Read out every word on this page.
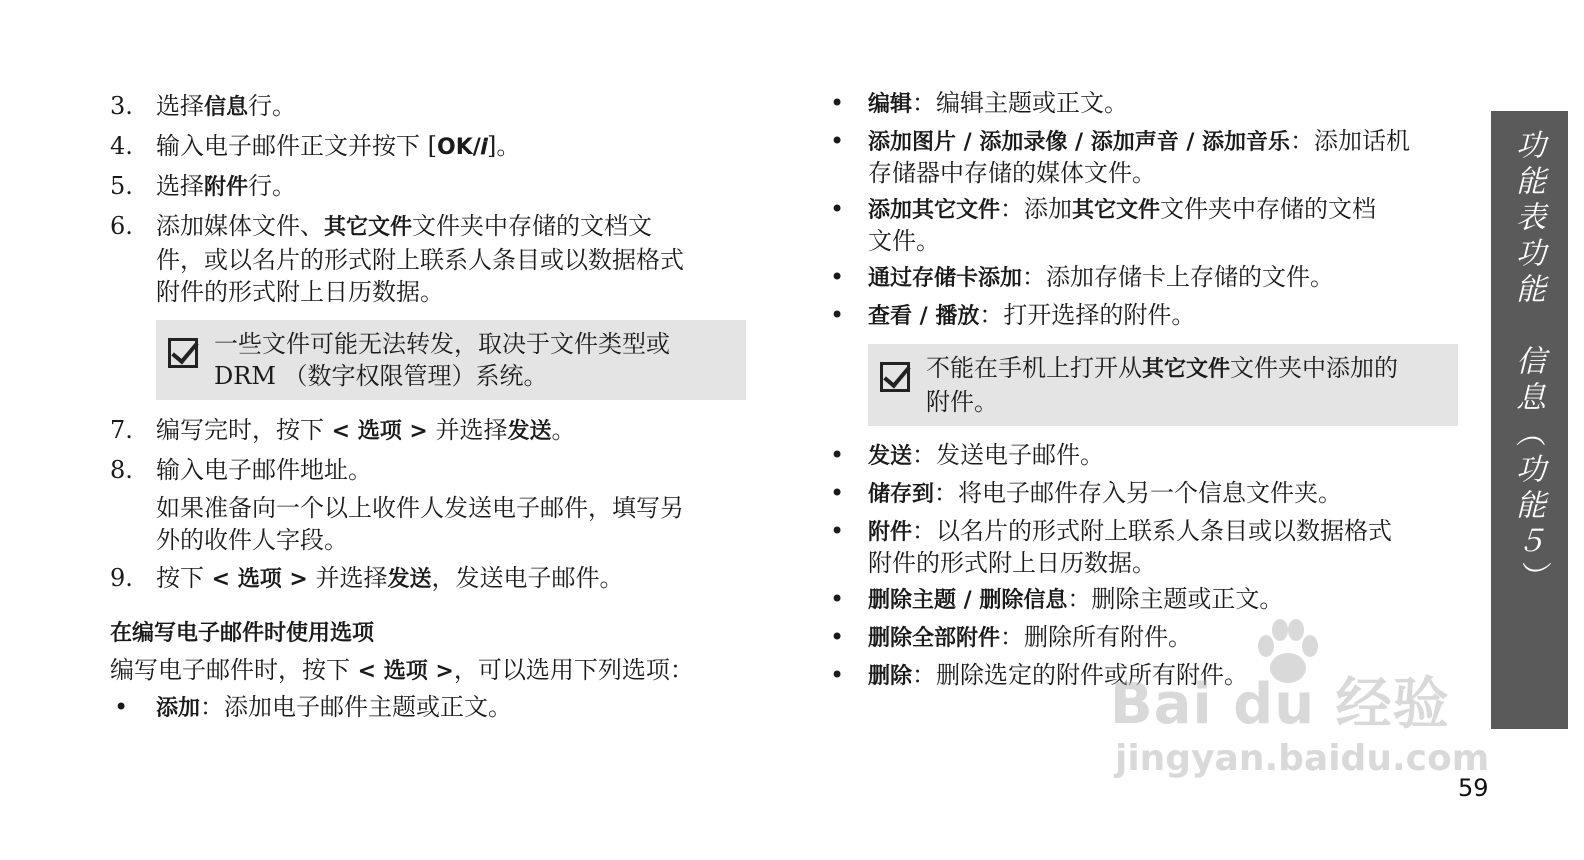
3. 选择信息行。
4. 输入电子邮件正文并按下 [OK/𝒊]。
5. 选择附件行。
6. 添加媒体文件、其它文件文件夹中存储的文档文
件，或以名片的形式附上联系人条目或以数据格式
附件的形式附上日历数据。
一些文件可能无法转发，取决于文件类型或
DRM （数字权限管理）系统。
7. 编写完时，按下 < 选项 > 并选择发送。
8. 输入电子邮件地址。
如果准备向一个以上收件人发送电子邮件，填写另
外的收件人字段。
9. 按下 < 选项 > 并选择发送，发送电子邮件。
在编写电子邮件时使用选项
编写电子邮件时，按下 < 选项 >，可以选用下列选项：
• 添加：添加电子邮件主题或正文。
• 编辑：编辑主题或正文。
• 添加图片 / 添加录像 / 添加声音 / 添加音乐：添加话机
存储器中存储的媒体文件。
• 添加其它文件：添加其它文件文件夹中存储的文档
文件。
• 通过存储卡添加：添加存储卡上存储的文件。
• 查看 / 播放：打开选择的附件。
不能在手机上打开从其它文件文件夹中添加的
附件。
• 发送：发送电子邮件。
• 储存到：将电子邮件存入另一个信息文件夹。
• 附件：以名片的形式附上联系人条目或以数据格式
附件的形式附上日历数据。
• 删除主题 / 删除信息：删除主题或正文。
• 删除全部附件：删除所有附件。
• 删除：删除选定的附件或所有附件。
功能表功能　信息（功能５）
Bai du 经验
jingyan.baidu.com
59
